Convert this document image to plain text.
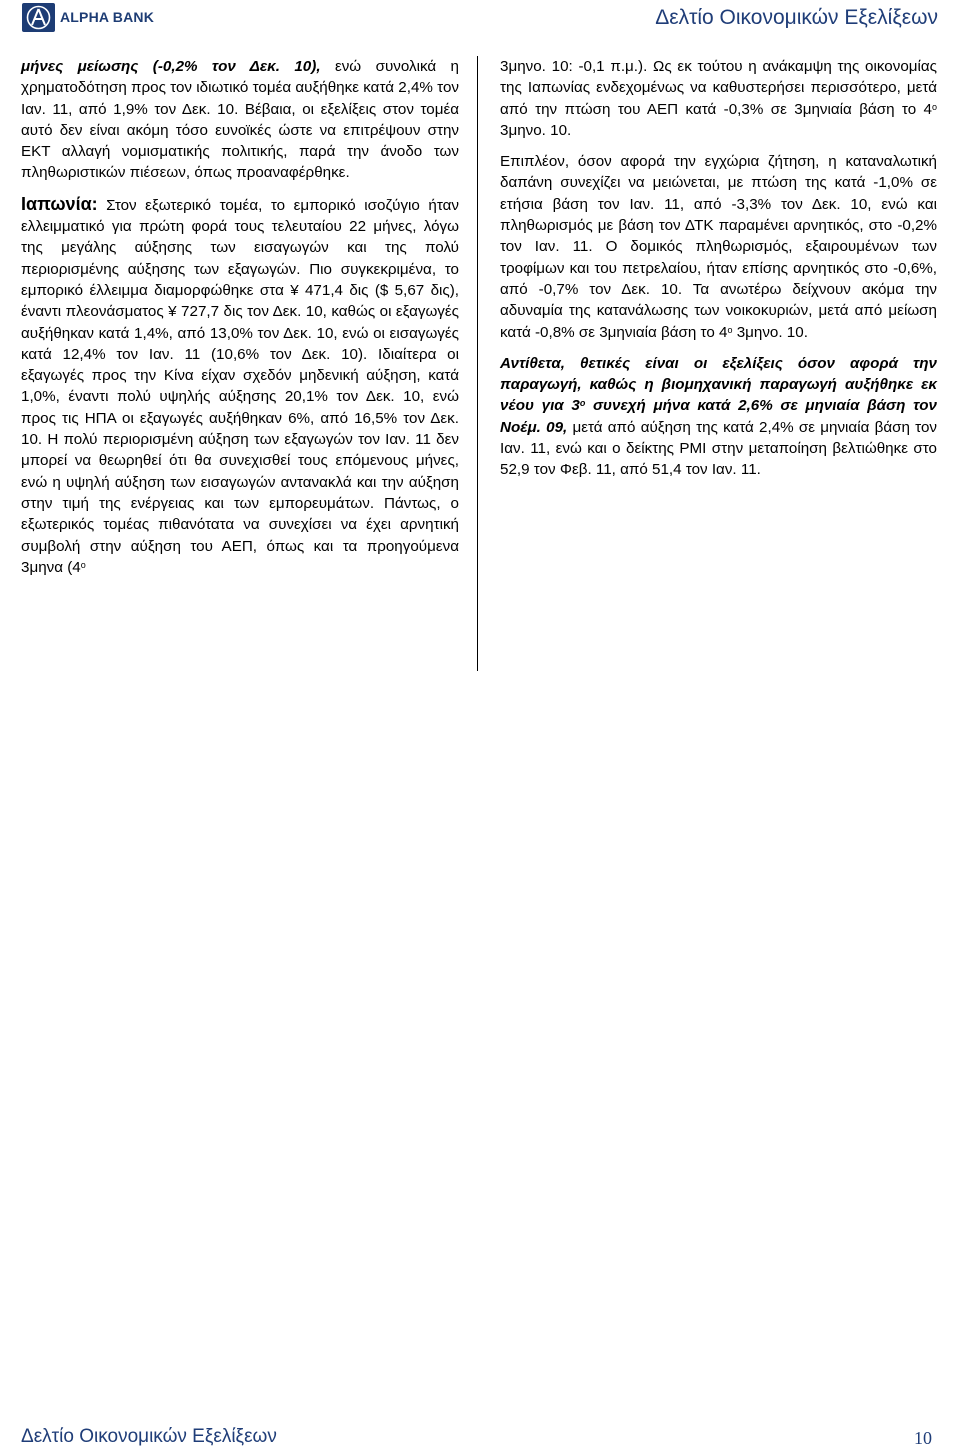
ALPHA BANK	Δελτίο Οικονομικών Εξελίξεων

μήνες μείωσης (-0,2% τον Δεκ. 10), ενώ συνολικά η χρηματοδότηση προς τον ιδιωτικό τομέα αυξήθηκε κατά 2,4% τον Ιαν. 11, από 1,9% τον Δεκ. 10. Βέβαια, οι εξελίξεις στον τομέα αυτό δεν είναι ακόμη τόσο ευνοϊκές ώστε να επιτρέψουν στην ΕΚΤ αλλαγή νομισματικής πολιτικής, παρά την άνοδο των πληθωριστικών πιέσεων, όπως προαναφέρθηκε.

Ιαπωνία: Στον εξωτερικό τομέα, το εμπορικό ισοζύγιο ήταν ελλειμματικό για πρώτη φορά τους τελευταίου 22 μήνες, λόγω της μεγάλης αύξησης των εισαγωγών και της πολύ περιορισμένης αύξησης των εξαγωγών. Πιο συγκεκριμένα, το εμπορικό έλλειμμα διαμορφώθηκε στα ¥ 471,4 δις ($ 5,67 δις), έναντι πλεονάσματος ¥ 727,7 δις τον Δεκ. 10, καθώς οι εξαγωγές αυξήθηκαν κατά 1,4%, από 13,0% τον Δεκ. 10, ενώ οι εισαγωγές κατά 12,4% τον Ιαν. 11 (10,6% τον Δεκ. 10). Ιδιαίτερα οι εξαγωγές προς την Κίνα είχαν σχεδόν μηδενική αύξηση, κατά 1,0%, έναντι πολύ υψηλής αύξησης 20,1% τον Δεκ. 10, ενώ προς τις ΗΠΑ οι εξαγωγές αυξήθηκαν 6%, από 16,5% τον Δεκ. 10. Η πολύ περιορισμένη αύξηση των εξαγωγών τον Ιαν. 11 δεν μπορεί να θεωρηθεί ότι θα συνεχισθεί τους επόμενους μήνες, ενώ η υψηλή αύξηση των εισαγωγών αντανακλά και την αύξηση στην τιμή της ενέργειας και των εμπορευμάτων. Πάντως, ο εξωτερικός τομέας πιθανότατα να συνεχίσει να έχει αρνητική συμβολή στην αύξηση του ΑΕΠ, όπως και τα προηγούμενα 3μηνα ($4^o$

3μηνο. 10: -0,1 π.μ.). Ως εκ τούτου η ανάκαμψη της οικονομίας της Ιαπωνίας ενδεχομένως να καθυστερήσει περισσότερο, μετά από την πτώση του ΑΕΠ κατά -0,3% σε 3μηνιαία βάση το $4^o$ 3μηνο. 10.

Επιπλέον, όσον αφορά την εγχώρια ζήτηση, η καταναλωτική δαπάνη συνεχίζει να μειώνεται, με πτώση της κατά -1,0% σε ετήσια βάση τον Ιαν. 11, από -3,3% τον Δεκ. 10, ενώ και πληθωρισμός με βάση τον ΔΤΚ παραμένει αρνητικός, στο -0,2% τον Ιαν. 11. Ο δομικός πληθωρισμός, εξαιρουμένων των τροφίμων και του πετρελαίου, ήταν επίσης αρνητικός στο -0,6%, από -0,7% τον Δεκ. 10. Τα ανωτέρω δείχνουν ακόμα την αδυναμία της κατανάλωσης των νοικοκυριών, μετά από μείωση κατά -0,8% σε 3μηνιαία βάση το $4^o$ 3μηνο. 10.

Αντίθετα, θετικές είναι οι εξελίξεις όσον αφορά την παραγωγή, καθώς η βιομηχανική παραγωγή αυξήθηκε εκ νέου για $3^o$ συνεχή μήνα κατά 2,6% σε μηνιαία βάση τον Νοέμ. 09, μετά από αύξηση της κατά 2,4% σε μηνιαία βάση τον Ιαν. 11, ενώ και ο δείκτης PMI στην μεταποίηση βελτιώθηκε στο 52,9 τον Φεβ. 11, από 51,4 τον Ιαν. 11.

Δελτίο Οικονομικών Εξελίξεων	10
